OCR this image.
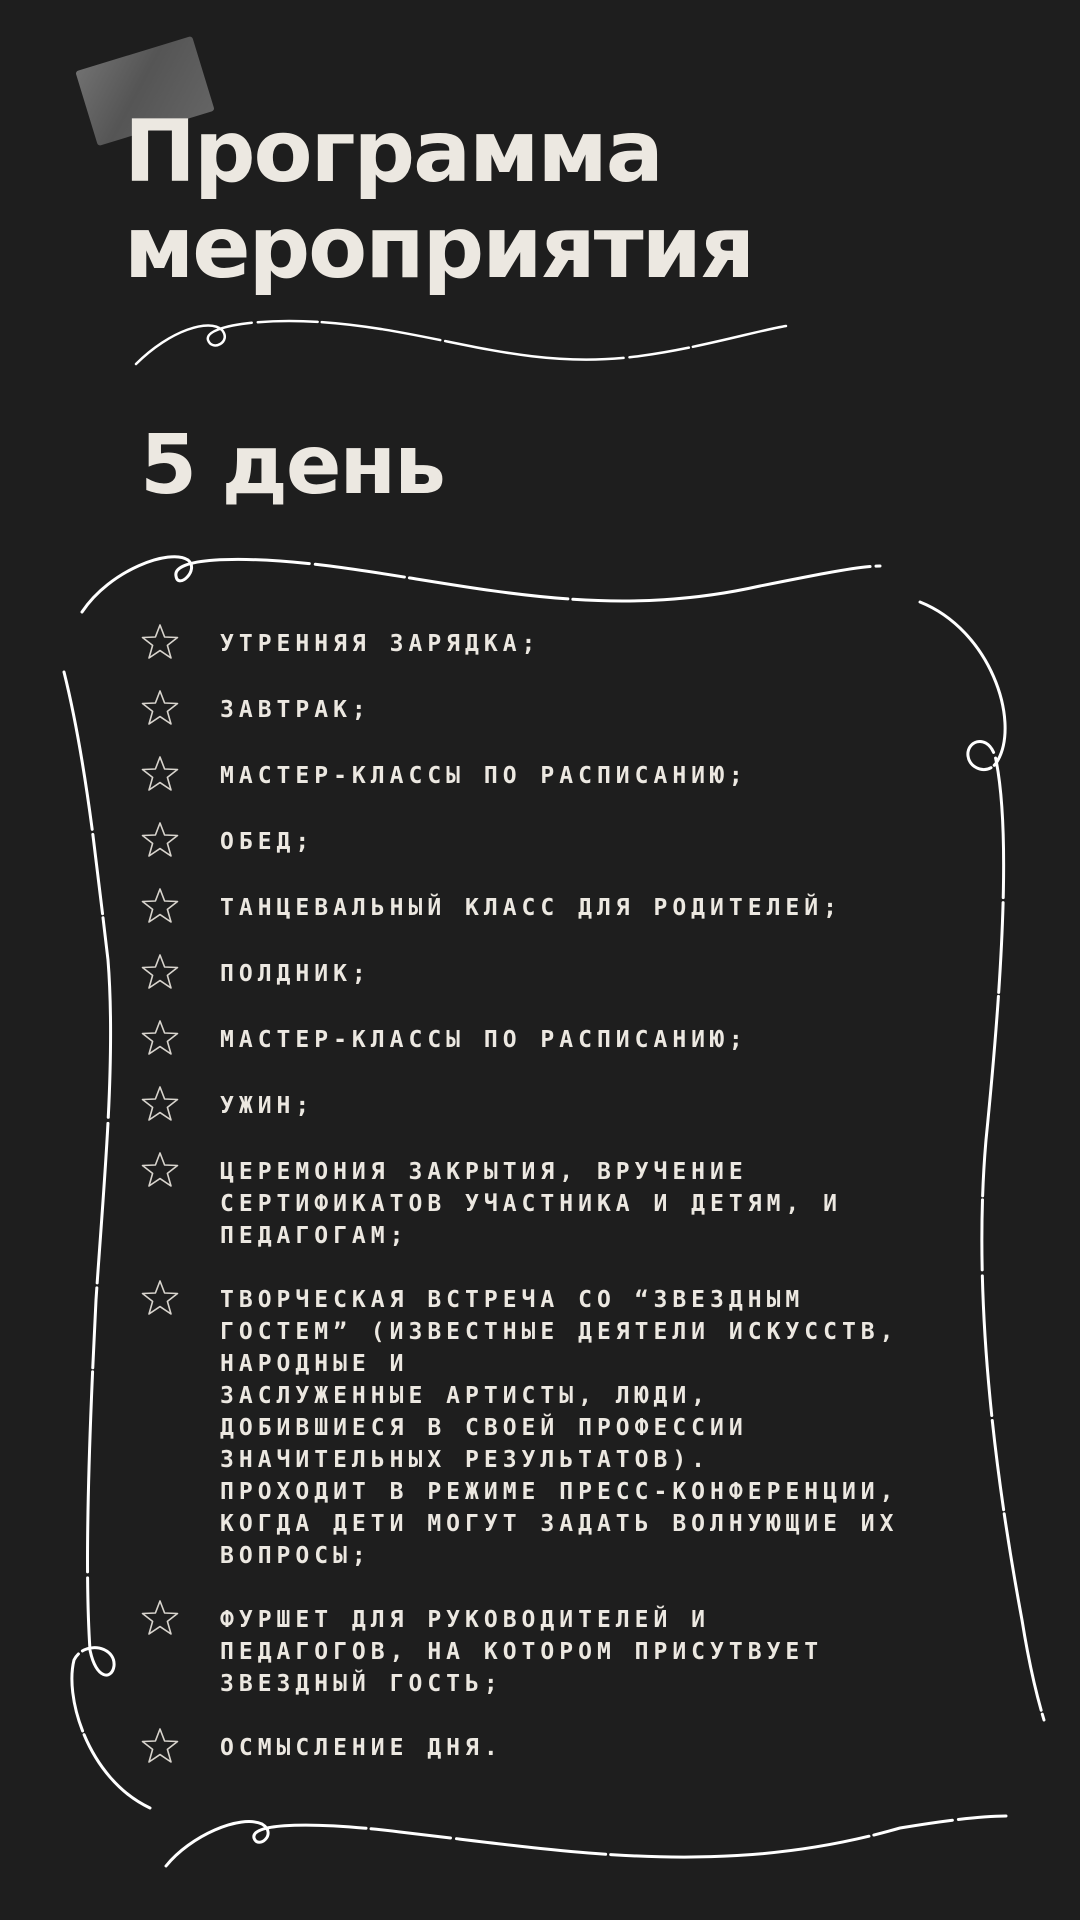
Программа
мероприятия
5 день
УТРЕННЯЯ ЗАРЯДКА;
ЗАВТРАК;
МАСТЕР-КЛАССЫ ПО РАСПИСАНИЮ;
ОБЕД;
ТАНЦЕВАЛЬНЫЙ КЛАСС ДЛЯ РОДИТЕЛЕЙ;
ПОЛДНИК;
МАСТЕР-КЛАССЫ ПО РАСПИСАНИЮ;
УЖИН;
ЦЕРЕМОНИЯ ЗАКРЫТИЯ, ВРУЧЕНИЕ
СЕРТИФИКАТОВ УЧАСТНИКА И ДЕТЯМ, И
ПЕДАГОГАМ;
ТВОРЧЕСКАЯ ВСТРЕЧА СО “ЗВЕЗДНЫМ
ГОСТЕМ” (ИЗВЕСТНЫЕ ДЕЯТЕЛИ ИСКУССТВ,
НАРОДНЫЕ И
ЗАСЛУЖЕННЫЕ АРТИСТЫ, ЛЮДИ,
ДОБИВШИЕСЯ В СВОЕЙ ПРОФЕССИИ
ЗНАЧИТЕЛЬНЫХ РЕЗУЛЬТАТОВ).
ПРОХОДИТ В РЕЖИМЕ ПРЕСС-КОНФЕРЕНЦИИ,
КОГДА ДЕТИ МОГУТ ЗАДАТЬ ВОЛНУЮЩИЕ ИХ
ВОПРОСЫ;
ФУРШЕТ ДЛЯ РУКОВОДИТЕЛЕЙ И
ПЕДАГОГОВ, НА КОТОРОМ ПРИСУТВУЕТ
ЗВЕЗДНЫЙ ГОСТЬ;
ОСМЫСЛЕНИЕ ДНЯ.
